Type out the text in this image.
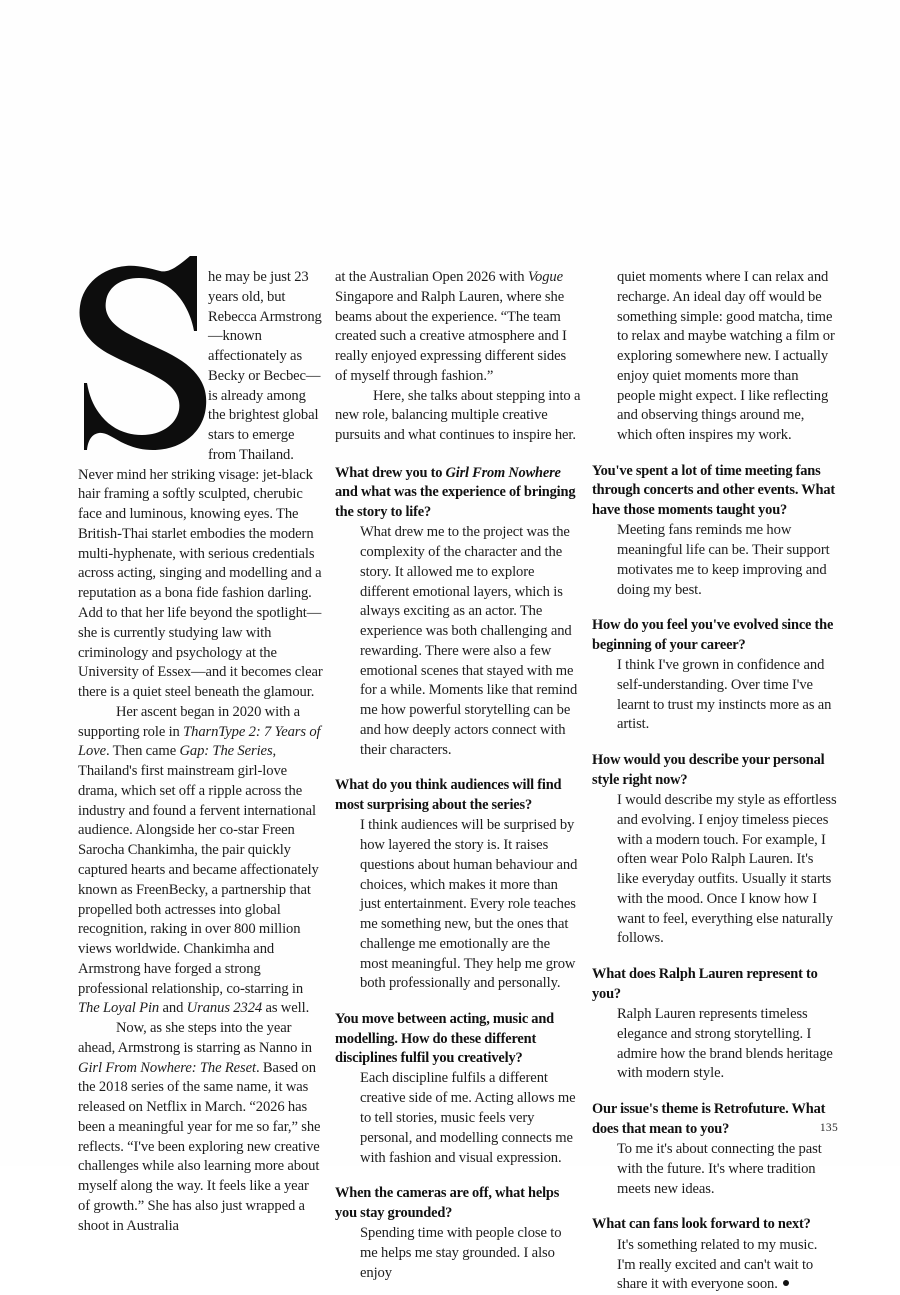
he may be just 23 years old, but Rebecca Armstrong—known affectionately as Becky or Becbec—is already among the brightest global stars to emerge from Thailand. Never mind her striking visage: jet-black hair framing a softly sculpted, cherubic face and luminous, knowing eyes. The British-Thai starlet embodies the modern multi-hyphenate, with serious credentials across acting, singing and modelling and a reputation as a bona fide fashion darling. Add to that her life beyond the spotlight—she is currently studying law with criminology and psychology at the University of Essex—and it becomes clear there is a quiet steel beneath the glamour.

Her ascent began in 2020 with a supporting role in TharnType 2: 7 Years of Love. Then came Gap: The Series, Thailand's first mainstream girl-love drama, which set off a ripple across the industry and found a fervent international audience. Alongside her co-star Freen Sarocha Chankimha, the pair quickly captured hearts and became affectionately known as FreenBecky, a partnership that propelled both actresses into global recognition, raking in over 800 million views worldwide. Chankimha and Armstrong have forged a strong professional relationship, co-starring in The Loyal Pin and Uranus 2324 as well.

Now, as she steps into the year ahead, Armstrong is starring as Nanno in Girl From Nowhere: The Reset. Based on the 2018 series of the same name, it was released on Netflix in March. “2026 has been a meaningful year for me so far,” she reflects. “I've been exploring new creative challenges while also learning more about myself along the way. It feels like a year of growth.” She has also just wrapped a shoot in Australia

at the Australian Open 2026 with Vogue Singapore and Ralph Lauren, where she beams about the experience. “The team created such a creative atmosphere and I really enjoyed expressing different sides of myself through fashion.”

Here, she talks about stepping into a new role, balancing multiple creative pursuits and what continues to inspire her.

What drew you to Girl From Nowhere and what was the experience of bringing the story to life?

What drew me to the project was the complexity of the character and the story. It allowed me to explore different emotional layers, which is always exciting as an actor. The experience was both challenging and rewarding. There were also a few emotional scenes that stayed with me for a while. Moments like that remind me how powerful storytelling can be and how deeply actors connect with their characters.

What do you think audiences will find most surprising about the series?

I think audiences will be surprised by how layered the story is. It raises questions about human behaviour and choices, which makes it more than just entertainment. Every role teaches me something new, but the ones that challenge me emotionally are the most meaningful. They help me grow both professionally and personally.

You move between acting, music and modelling. How do these different disciplines fulfil you creatively?

Each discipline fulfils a different creative side of me. Acting allows me to tell stories, music feels very personal, and modelling connects me with fashion and visual expression.

When the cameras are off, what helps you stay grounded?

Spending time with people close to me helps me stay grounded. I also enjoy

quiet moments where I can relax and recharge. An ideal day off would be something simple: good matcha, time to relax and maybe watching a film or exploring somewhere new. I actually enjoy quiet moments more than people might expect. I like reflecting and observing things around me, which often inspires my work.

You've spent a lot of time meeting fans through concerts and other events. What have those moments taught you?

Meeting fans reminds me how meaningful life can be. Their support motivates me to keep improving and doing my best.

How do you feel you've evolved since the beginning of your career?

I think I've grown in confidence and self-understanding. Over time I've learnt to trust my instincts more as an artist.

How would you describe your personal style right now?

I would describe my style as effortless and evolving. I enjoy timeless pieces with a modern touch. For example, I often wear Polo Ralph Lauren. It's like everyday outfits. Usually it starts with the mood. Once I know how I want to feel, everything else naturally follows.

What does Ralph Lauren represent to you?

Ralph Lauren represents timeless elegance and strong storytelling. I admire how the brand blends heritage with modern style.

Our issue's theme is Retrofuture. What does that mean to you?

To me it's about connecting the past with the future. It's where tradition meets new ideas.

What can fans look forward to next?

It's something related to my music. I'm really excited and can't wait to share it with everyone soon.

135
